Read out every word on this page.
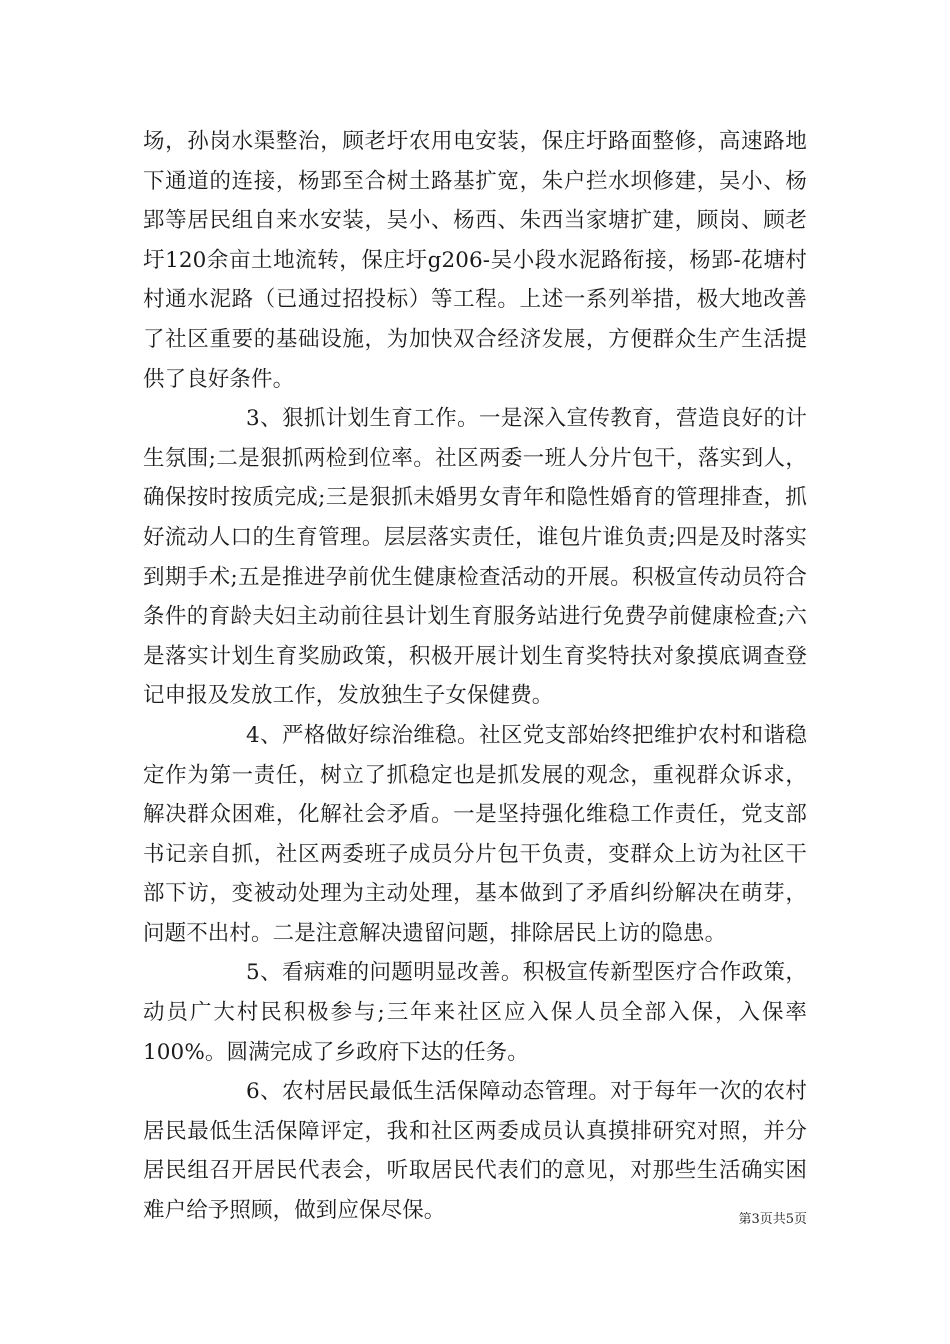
场，孙岗水渠整治，顾老圩农用电安装，保庄圩路面整修，高速路地下通道的连接，杨郢至合树土路基扩宽，朱户拦水坝修建，吴小、杨郢等居民组自来水安装，吴小、杨西、朱西当家塘扩建，顾岗、顾老圩120余亩土地流转，保庄圩g206-吴小段水泥路衔接，杨郢-花塘村村通水泥路（已通过招投标）等工程。上述一系列举措，极大地改善了社区重要的基础设施，为加快双合经济发展，方便群众生产生活提供了良好条件。

3、狠抓计划生育工作。一是深入宣传教育，营造良好的计生氛围;二是狠抓两检到位率。社区两委一班人分片包干，落实到人，确保按时按质完成;三是狠抓未婚男女青年和隐性婚育的管理排查，抓好流动人口的生育管理。层层落实责任，谁包片谁负责;四是及时落实到期手术;五是推进孕前优生健康检查活动的开展。积极宣传动员符合条件的育龄夫妇主动前往县计划生育服务站进行免费孕前健康检查;六是落实计划生育奖励政策，积极开展计划生育奖特扶对象摸底调查登记申报及发放工作，发放独生子女保健费。

4、严格做好综治维稳。社区党支部始终把维护农村和谐稳定作为第一责任，树立了抓稳定也是抓发展的观念，重视群众诉求，解决群众困难，化解社会矛盾。一是坚持强化维稳工作责任，党支部书记亲自抓，社区两委班子成员分片包干负责，变群众上访为社区干部下访，变被动处理为主动处理，基本做到了矛盾纠纷解决在萌芽，问题不出村。二是注意解决遗留问题，排除居民上访的隐患。

5、看病难的问题明显改善。积极宣传新型医疗合作政策，动员广大村民积极参与;三年来社区应入保人员全部入保，入保率100%。圆满完成了乡政府下达的任务。

6、农村居民最低生活保障动态管理。对于每年一次的农村居民最低生活保障评定，我和社区两委成员认真摸排研究对照，并分居民组召开居民代表会，听取居民代表们的意见，对那些生活确实困难户给予照顾，做到应保尽保。	第3页共5页
